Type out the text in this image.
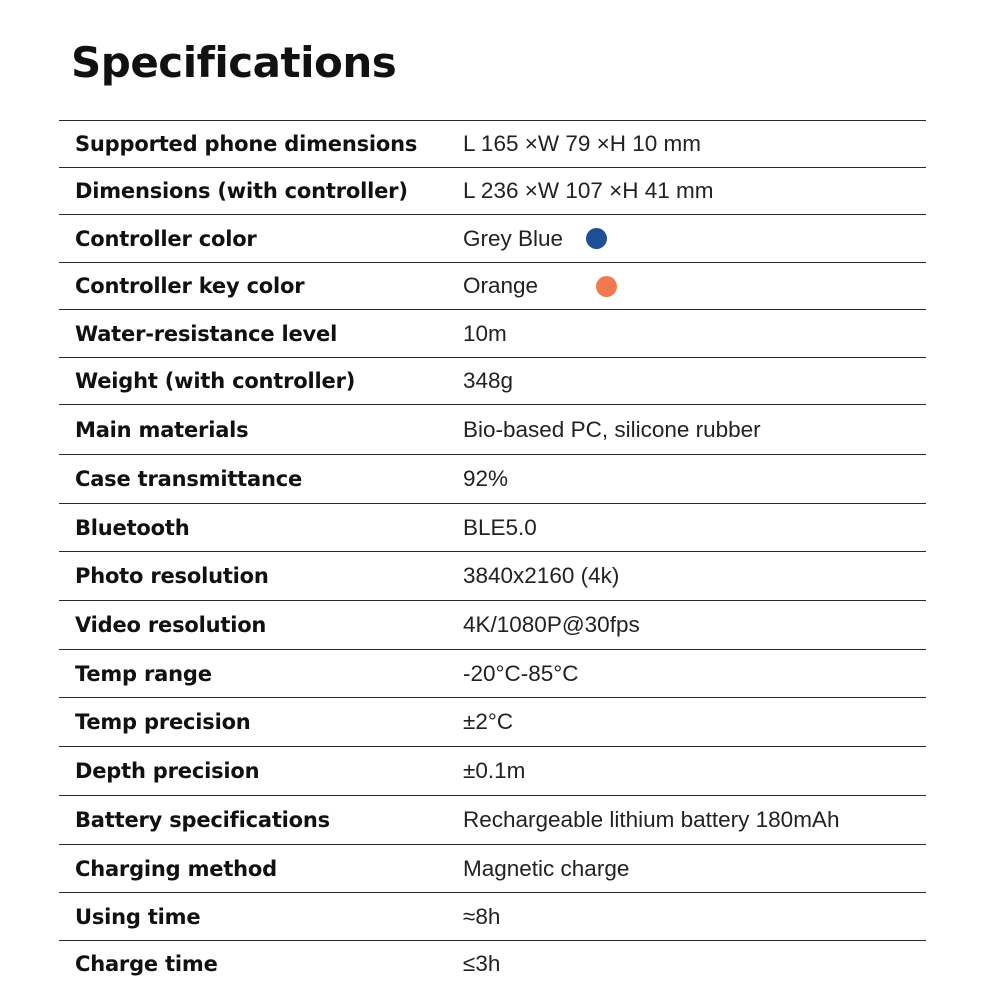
Specifications
Supported phone dimensions	L 165 ×W 79 ×H 10 mm
Dimensions (with controller)	L 236 ×W 107 ×H 41 mm
Controller color	Grey Blue
Controller key color	Orange
Water-resistance level	10m
Weight (with controller)	348g
Main materials	Bio-based PC, silicone rubber
Case transmittance	92%
Bluetooth	BLE5.0
Photo resolution	3840x2160 (4k)
Video resolution	4K/1080P@30fps
Temp range	-20°C-85°C
Temp precision	±2°C
Depth precision	±0.1m
Battery specifications	Rechargeable lithium battery 180mAh
Charging method	Magnetic charge
Using time	≈8h
Charge time	≤3h
